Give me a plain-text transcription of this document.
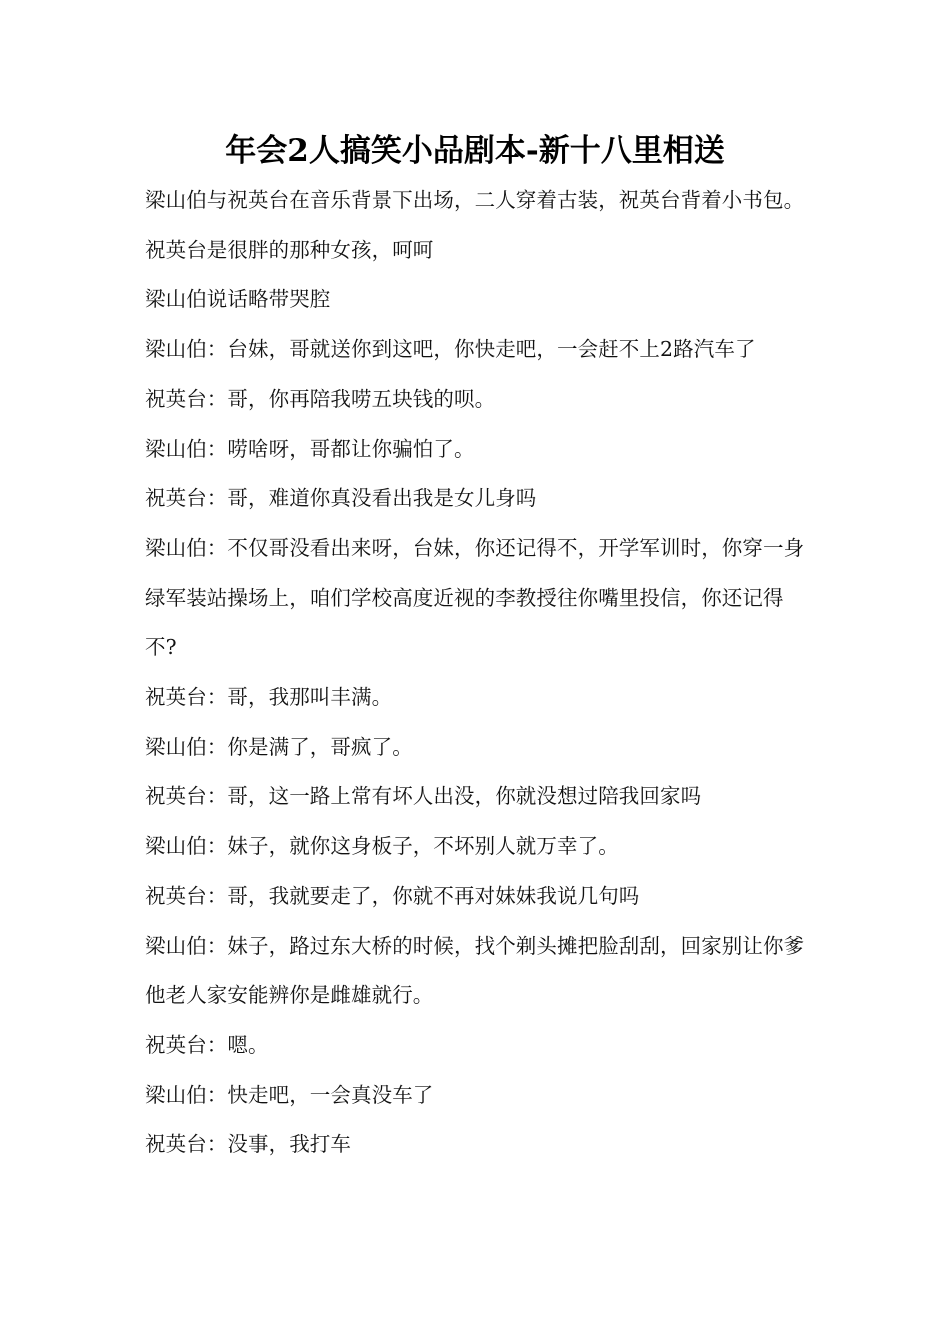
年会2人搞笑小品剧本-新十八里相送

梁山伯与祝英台在音乐背景下出场，二人穿着古装，祝英台背着小书包。祝英台是很胖的那种女孩，呵呵

梁山伯说话略带哭腔

梁山伯：台妹，哥就送你到这吧，你快走吧，一会赶不上2路汽车了

祝英台：哥，你再陪我唠五块钱的呗。

梁山伯：唠啥呀，哥都让你骗怕了。

祝英台：哥，难道你真没看出我是女儿身吗

梁山伯：不仅哥没看出来呀，台妹，你还记得不，开学军训时，你穿一身绿军装站操场上，咱们学校高度近视的李教授往你嘴里投信，你还记得不?

祝英台：哥，我那叫丰满。

梁山伯：你是满了，哥疯了。

祝英台：哥，这一路上常有坏人出没，你就没想过陪我回家吗

梁山伯：妹子，就你这身板子，不坏别人就万幸了。

祝英台：哥，我就要走了，你就不再对妹妹我说几句吗

梁山伯：妹子，路过东大桥的时候，找个剃头摊把脸刮刮，回家别让你爹他老人家安能辨你是雌雄就行。

祝英台：嗯。

梁山伯：快走吧，一会真没车了

祝英台：没事，我打车
